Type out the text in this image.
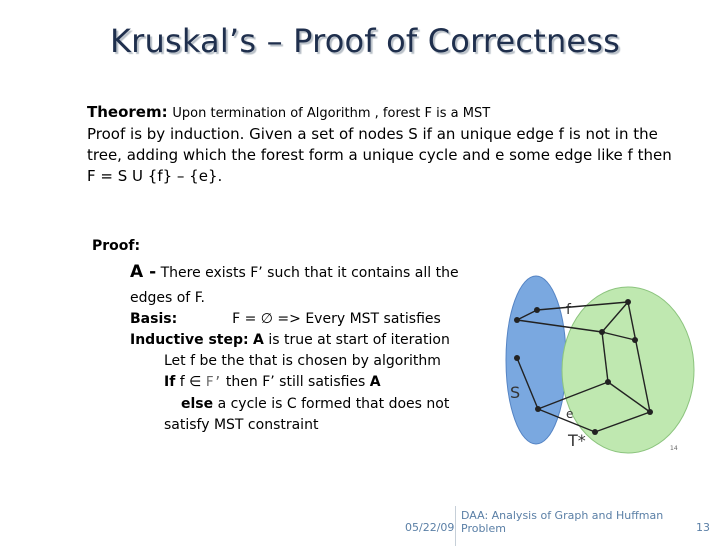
Kruskal’s – Proof of Correctness
Theorem: Upon termination of Algorithm , forest F is a MST
Proof is by induction. Given a set of nodes S if an unique edge f is not in the
tree, adding which the forest form a unique cycle and e some edge like f then
F = S U {f} – {e}.
Proof:
A - There exists F’ such that it contains all the
edges of F.
Basis:	F = ∅ => Every MST satisfies
Inductive step: A is true at start of iteration
Let f be the that is chosen by algorithm
If f ∈ F’ then F’ still satisfies A
else a cycle is C formed that does not
satisfy MST constraint
f
e
S
T*	14
05/22/09
DAA: Analysis of Graph and Huffman Problem	13
